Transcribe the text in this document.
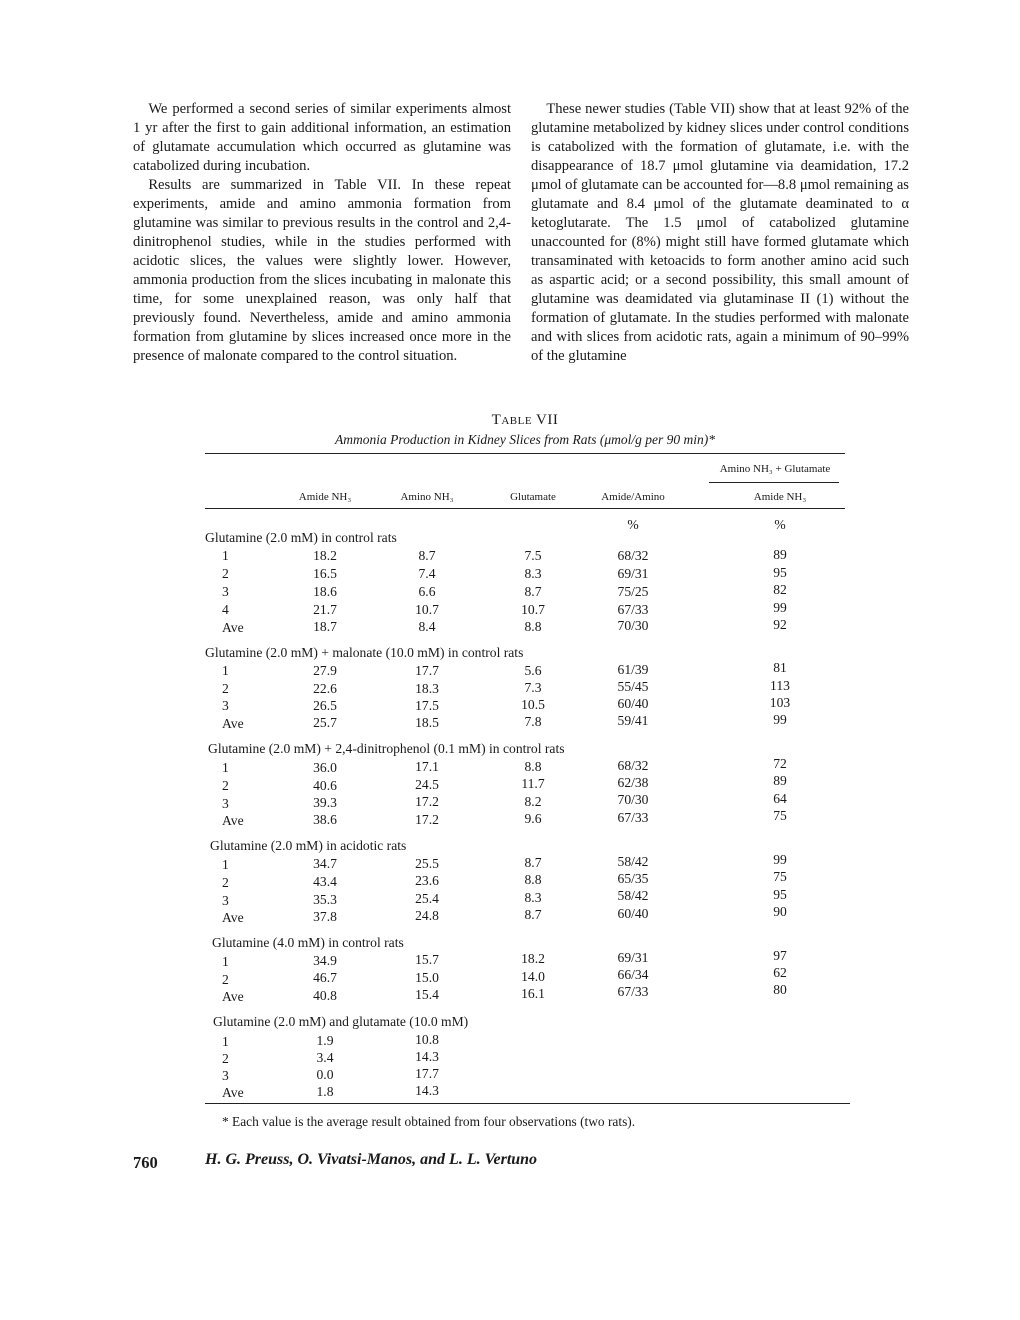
We performed a second series of similar experiments almost 1 yr after the first to gain additional information, an estimation of glutamate accumulation which occurred as glutamine was catabolized during incubation.

Results are summarized in Table VII. In these repeat experiments, amide and amino ammonia formation from glutamine was similar to previous results in the control and 2,4-dinitrophenol studies, while in the studies performed with acidotic slices, the values were slightly lower. However, ammonia production from the slices incubating in malonate this time, for some unexplained reason, was only half that previously found. Nevertheless, amide and amino ammonia formation from glutamine by slices increased once more in the presence of malonate compared to the control situation.

These newer studies (Table VII) show that at least 92% of the glutamine metabolized by kidney slices under control conditions is catabolized with the formation of glutamate, i.e. with the disappearance of 18.7 μmol glutamine via deamidation, 17.2 μmol of glutamate can be accounted for—8.8 μmol remaining as glutamate and 8.4 μmol of the glutamate deaminated to α ketoglutarate. The 1.5 μmol of catabolized glutamine unaccounted for (8%) might still have formed glutamate which transaminated with ketoacids to form another amino acid such as aspartic acid; or a second possibility, this small amount of glutamine was deamidated via glutaminase II (1) without the formation of glutamate. In the studies performed with malonate and with slices from acidotic rats, again a minimum of 90–99% of the glutamine

Table VII
Ammonia Production in Kidney Slices from Rats (μmol/g per 90 min)*
Amino NH₃ + Glutamate
Amide NH₃	Amino NH₃	Glutamate	Amide/Amino	Amide NH₃
%	%
Glutamine (2.0 mM) in control rats
1	18.2	8.7	7.5	68/32	89
2	16.5	7.4	8.3	69/31	95
3	18.6	6.6	8.7	75/25	82
4	21.7	10.7	10.7	67/33	99
Ave	18.7	8.4	8.8	70/30	92
Glutamine (2.0 mM) + malonate (10.0 mM) in control rats
1	27.9	17.7	5.6	61/39	81
2	22.6	18.3	7.3	55/45	113
3	26.5	17.5	10.5	60/40	103
Ave	25.7	18.5	7.8	59/41	99
Glutamine (2.0 mM) + 2,4-dinitrophenol (0.1 mM) in control rats
1	36.0	17.1	8.8	68/32	72
2	40.6	24.5	11.7	62/38	89
3	39.3	17.2	8.2	70/30	64
Ave	38.6	17.2	9.6	67/33	75
Glutamine (2.0 mM) in acidotic rats
1	34.7	25.5	8.7	58/42	99
2	43.4	23.6	8.8	65/35	75
3	35.3	25.4	8.3	58/42	95
Ave	37.8	24.8	8.7	60/40	90
Glutamine (4.0 mM) in control rats
1	34.9	15.7	18.2	69/31	97
2	46.7	15.0	14.0	66/34	62
Ave	40.8	15.4	16.1	67/33	80
Glutamine (2.0 mM) and glutamate (10.0 mM)
1	1.9	10.8
2	3.4	14.3
3	0.0	17.7
Ave	1.8	14.3
* Each value is the average result obtained from four observations (two rats).
760	H. G. Preuss, O. Vivatsi-Manos, and L. L. Vertuno
